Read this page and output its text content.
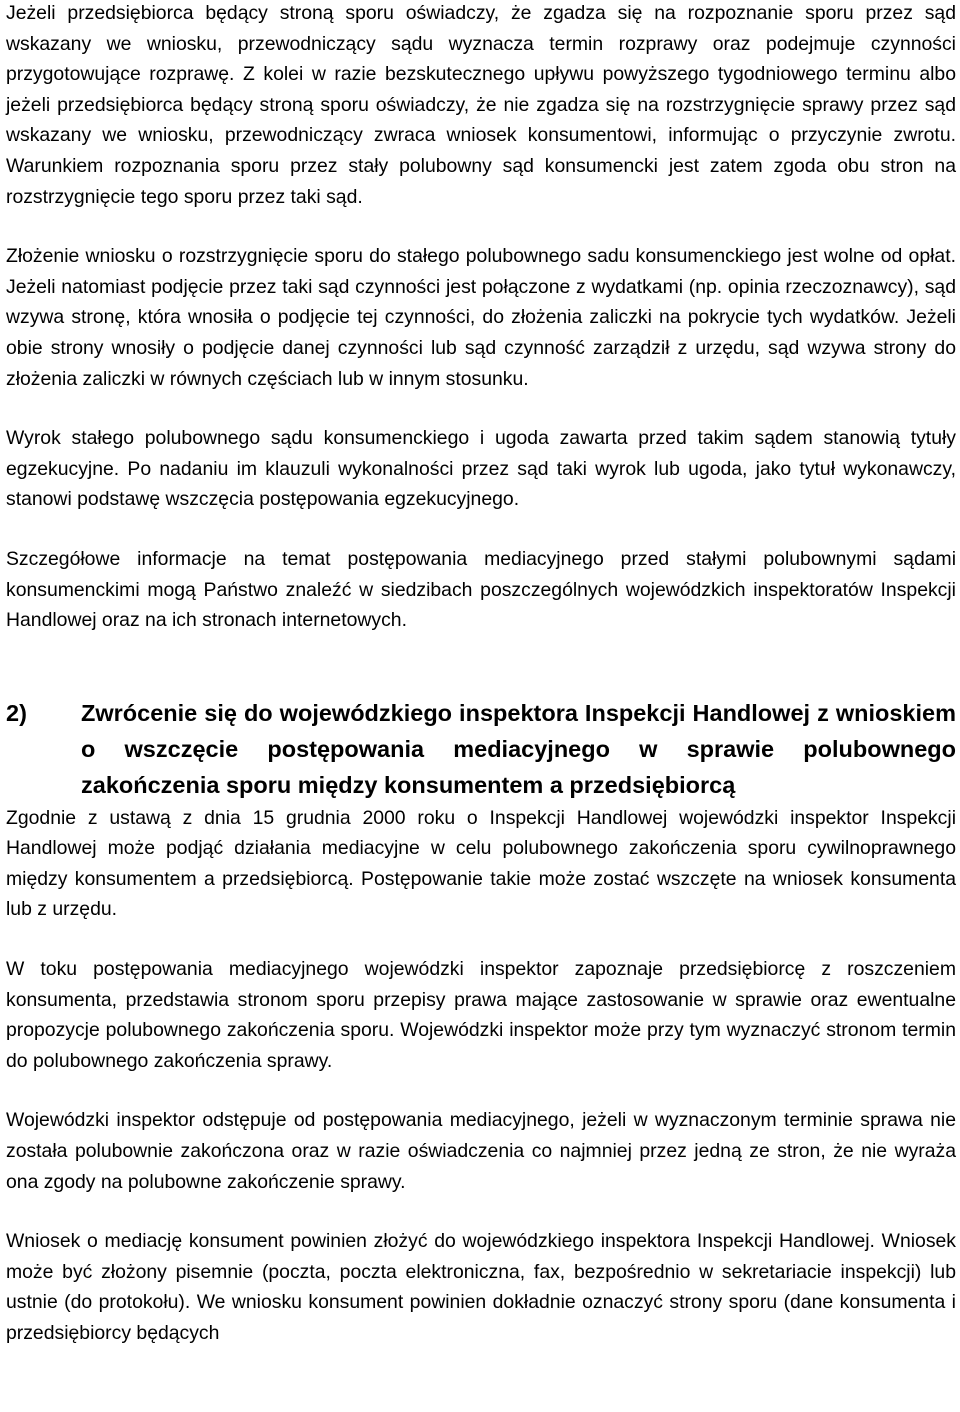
Jeżeli przedsiębiorca będący stroną sporu oświadczy, że zgadza się na rozpoznanie sporu przez sąd wskazany we wniosku, przewodniczący sądu wyznacza termin rozprawy oraz podejmuje czynności przygotowujące rozprawę. Z kolei w razie bezskutecznego upływu powyższego tygodniowego terminu albo jeżeli przedsiębiorca będący stroną sporu oświadczy, że nie zgadza się na rozstrzygnięcie sprawy przez sąd wskazany we wniosku, przewodniczący zwraca wniosek konsumentowi, informując o przyczynie zwrotu. Warunkiem rozpoznania sporu przez stały polubowny sąd konsumencki jest zatem zgoda obu stron na rozstrzygnięcie tego sporu przez taki sąd.

Złożenie wniosku o rozstrzygnięcie sporu do stałego polubownego sadu konsumenckiego jest wolne od opłat. Jeżeli natomiast podjęcie przez taki sąd czynności jest połączone z wydatkami (np. opinia rzeczoznawcy), sąd wzywa stronę, która wnosiła o podjęcie tej czynności, do złożenia zaliczki na pokrycie tych wydatków. Jeżeli obie strony wnosiły o podjęcie danej czynności lub sąd czynność zarządził z urzędu, sąd wzywa strony do złożenia zaliczki w równych częściach lub w innym stosunku.

Wyrok stałego polubownego sądu konsumenckiego i ugoda zawarta przed takim sądem stanowią tytuły egzekucyjne. Po nadaniu im klauzuli wykonalności przez sąd taki wyrok lub ugoda, jako tytuł wykonawczy, stanowi podstawę wszczęcia postępowania egzekucyjnego.

Szczegółowe informacje na temat postępowania mediacyjnego przed stałymi polubownymi sądami konsumenckimi mogą Państwo znaleźć w siedzibach poszczególnych wojewódzkich inspektoratów Inspekcji Handlowej oraz na ich stronach internetowych.

2) Zwrócenie się do wojewódzkiego inspektora Inspekcji Handlowej z wnioskiem o wszczęcie postępowania mediacyjnego w sprawie polubownego zakończenia sporu między konsumentem a przedsiębiorcą

Zgodnie z ustawą z dnia 15 grudnia 2000 roku o Inspekcji Handlowej wojewódzki inspektor Inspekcji Handlowej może podjąć działania mediacyjne w celu polubownego zakończenia sporu cywilnoprawnego między konsumentem a przedsiębiorcą. Postępowanie takie może zostać wszczęte na wniosek konsumenta lub z urzędu.

W toku postępowania mediacyjnego wojewódzki inspektor zapoznaje przedsiębiorcę z roszczeniem konsumenta, przedstawia stronom sporu przepisy prawa mające zastosowanie w sprawie oraz ewentualne propozycje polubownego zakończenia sporu. Wojewódzki inspektor może przy tym wyznaczyć stronom termin do polubownego zakończenia sprawy.

Wojewódzki inspektor odstępuje od postępowania mediacyjnego, jeżeli w wyznaczonym terminie sprawa nie została polubownie zakończona oraz w razie oświadczenia co najmniej przez jedną ze stron, że nie wyraża ona zgody na polubowne zakończenie sprawy.

Wniosek o mediację konsument powinien złożyć do wojewódzkiego inspektora Inspekcji Handlowej. Wniosek może być złożony pisemnie (poczta, poczta elektroniczna, fax, bezpośrednio w sekretariacie inspekcji) lub ustnie (do protokołu). We wniosku konsument powinien dokładnie oznaczyć strony sporu (dane konsumenta i przedsiębiorcy będących
